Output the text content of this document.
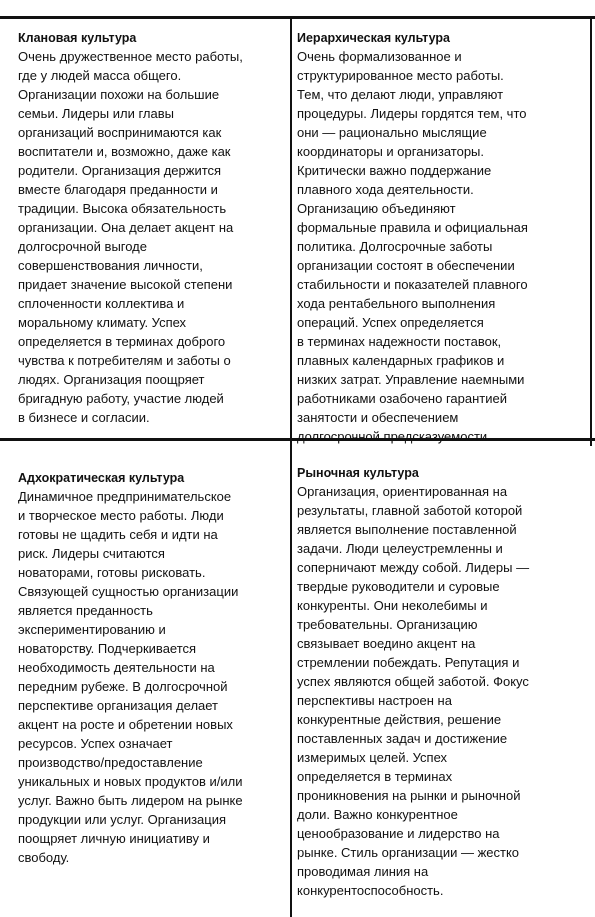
Клановая культура

Очень дружественное место работы,

где у людей масса общего.

Организации похожи на большие

семьи. Лидеры или главы

организаций воспринимаются как

воспитатели и, возможно, даже как

родители. Организация держится

вместе благодаря преданности и

традиции. Высока обязательность

организации. Она делает акцент на

долгосрочной выгоде

совершенствования личности,

придает значение высокой степени

сплоченности коллектива и

моральному климату. Успех

определяется в терминах доброго

чувства к потребителям и заботы о

людях. Организация поощряет

бригадную работу, участие людей

в бизнесе и согласии.

Иерархическая культура

Очень формализованное и

структурированное место работы.

Тем, что делают люди, управляют

процедуры. Лидеры гордятся тем, что

они — рационально мыслящие

координаторы и организаторы.

Критически важно поддержание

плавного хода деятельности.

Организацию объединяют

формальные правила и официальная

политика. Долгосрочные заботы

организации состоят в обеспечении

стабильности и показателей плавного

хода рентабельного выполнения

операций. Успех определяется

в терминах надежности поставок,

плавных календарных графиков и

низких затрат. Управление наемными

работниками озабочено гарантией

занятости и обеспечением

долгосрочной предсказуемости.

Адхократическая культура

Динамичное предпринимательское

и творческое место работы. Люди

готовы не щадить себя и идти на

риск. Лидеры считаются

новаторами, готовы рисковать.

Связующей сущностью организации

является преданность

экспериментированию и

новаторству. Подчеркивается

необходимость деятельности на

передним рубеже. В долгосрочной

перспективе организация делает

акцент на росте и обретении новых

ресурсов. Успех означает

производство/предоставление

уникальных и новых продуктов и/или

услуг. Важно быть лидером на рынке

продукции или услуг. Организация

поощряет личную инициативу и

свободу.

Рыночная культура

Организация, ориентированная на

результаты, главной заботой которой

является выполнение поставленной

задачи. Люди целеустремленны и

соперничают между собой. Лидеры —

твердые руководители и суровые

конкуренты. Они неколебимы и

требовательны. Организацию

связывает воедино акцент на

стремлении побеждать. Репутация и

успех являются общей заботой. Фокус

перспективы настроен на

конкурентные действия, решение

поставленных задач и достижение

измеримых целей. Успех

определяется в терминах

проникновения на рынки и рыночной

доли. Важно конкурентное

ценообразование и лидерство на

рынке. Стиль организации — жестко

проводимая линия на

конкурентоспособность.
